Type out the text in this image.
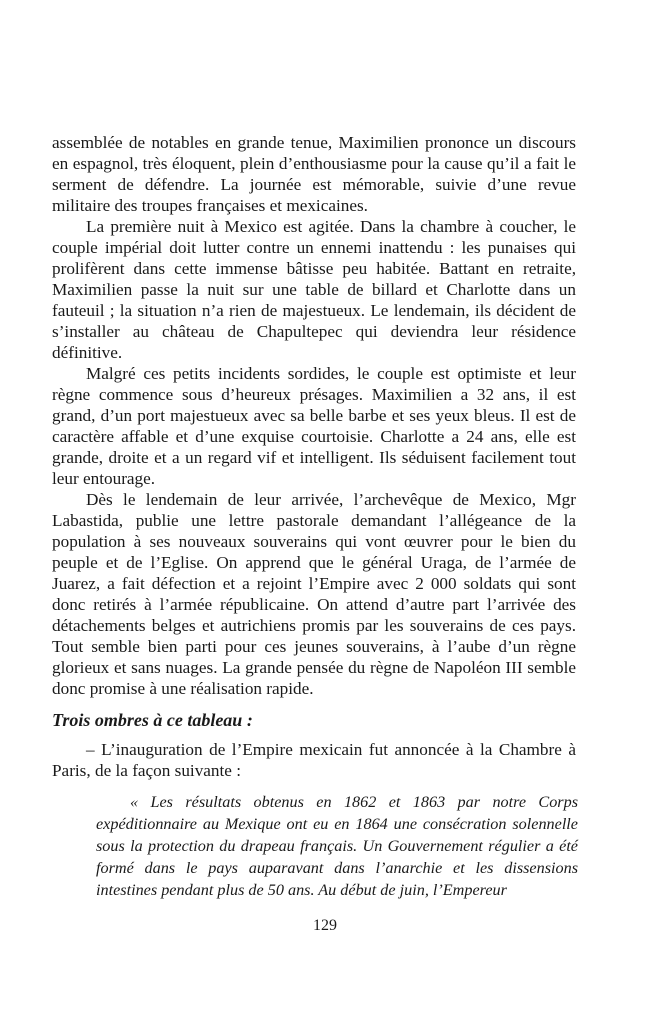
assemblée de notables en grande tenue, Maximilien prononce un discours en espagnol, très éloquent, plein d’enthousiasme pour la cause qu’il a fait le serment de défendre. La journée est mémorable, suivie d’une revue militaire des troupes françaises et mexicaines.

La première nuit à Mexico est agitée. Dans la chambre à coucher, le couple impérial doit lutter contre un ennemi inattendu : les punaises qui prolifèrent dans cette immense bâtisse peu habitée. Battant en retraite, Maximilien passe la nuit sur une table de billard et Charlotte dans un fauteuil ; la situation n’a rien de majestueux. Le lendemain, ils décident de s’installer au château de Chapultepec qui deviendra leur résidence définitive.

Malgré ces petits incidents sordides, le couple est optimiste et leur règne commence sous d’heureux présages. Maximilien a 32 ans, il est grand, d’un port majestueux avec sa belle barbe et ses yeux bleus. Il est de caractère affable et d’une exquise courtoisie. Charlotte a 24 ans, elle est grande, droite et a un regard vif et intelligent. Ils séduisent facilement tout leur entourage.

Dès le lendemain de leur arrivée, l’archevêque de Mexico, Mgr Labastida, publie une lettre pastorale demandant l’allégeance de la population à ses nouveaux souverains qui vont œuvrer pour le bien du peuple et de l’Eglise. On apprend que le général Uraga, de l’armée de Juarez, a fait défection et a rejoint l’Empire avec 2 000 soldats qui sont donc retirés à l’armée républicaine. On attend d’autre part l’arrivée des détachements belges et autrichiens promis par les souverains de ces pays. Tout semble bien parti pour ces jeunes souverains, à l’aube d’un règne glorieux et sans nuages. La grande pensée du règne de Napoléon III semble donc promise à une réalisation rapide.

Trois ombres à ce tableau :

– L’inauguration de l’Empire mexicain fut annoncée à la Chambre à Paris, de la façon suivante :

« Les résultats obtenus en 1862 et 1863 par notre Corps expéditionnaire au Mexique ont eu en 1864 une consécration solennelle sous la protection du drapeau français. Un Gouvernement régulier a été formé dans le pays auparavant dans l’anarchie et les dissensions intestines pendant plus de 50 ans. Au début de juin, l’Empereur
129
